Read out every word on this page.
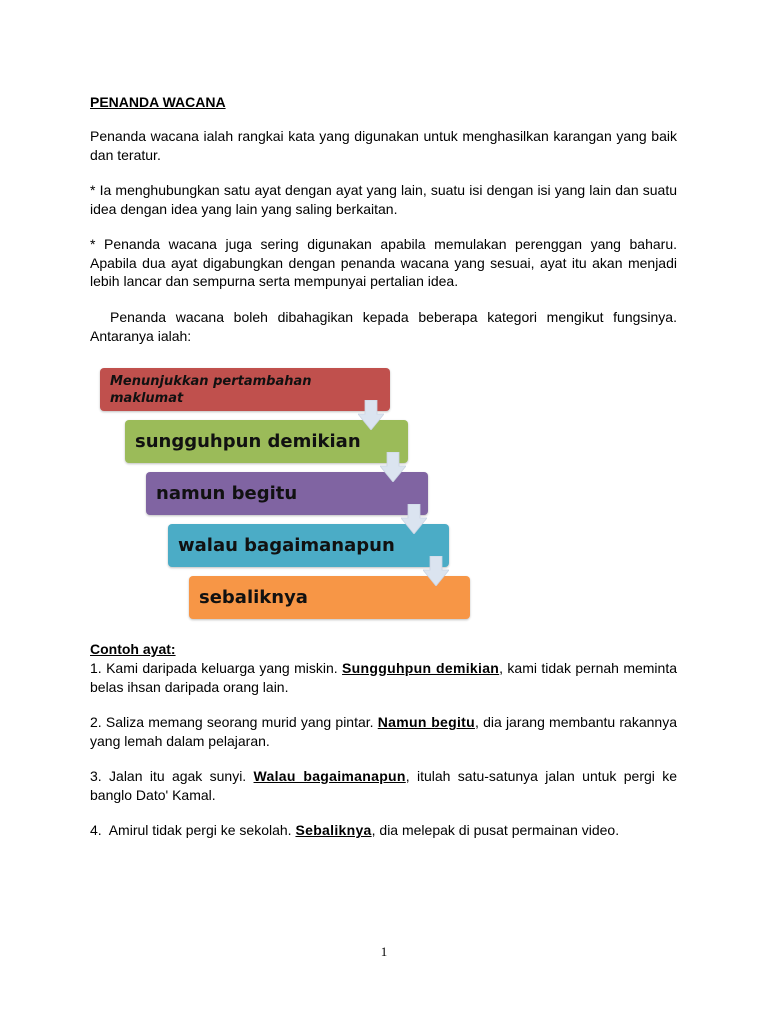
PENANDA WACANA
Penanda wacana ialah rangkai kata yang digunakan untuk menghasilkan karangan yang baik dan teratur.
* Ia menghubungkan satu ayat dengan ayat yang lain, suatu isi dengan isi yang lain dan suatu idea dengan idea yang lain yang saling berkaitan.
* Penanda wacana juga sering digunakan apabila memulakan perenggan yang baharu. Apabila dua ayat digabungkan dengan penanda wacana yang sesuai, ayat itu akan menjadi lebih lancar dan sempurna serta mempunyai pertalian idea.
Penanda wacana boleh dibahagikan kepada beberapa kategori mengikut fungsinya. Antaranya ialah:
Contoh ayat:
1. Kami daripada keluarga yang miskin. Sungguhpun demikian, kami tidak pernah meminta belas ihsan daripada orang lain.
2. Saliza memang seorang murid yang pintar. Namun begitu, dia jarang membantu rakannya yang lemah dalam pelajaran.
3. Jalan itu agak sunyi. Walau bagaimanapun, itulah satu-satunya jalan untuk pergi ke banglo Dato' Kamal.
4. Amirul tidak pergi ke sekolah. Sebaliknya, dia melepak di pusat permainan video.
Menunjukkan pertambahan maklumat
sungguhpun demikian
namun begitu
walau bagaimanapun
sebaliknya
1
